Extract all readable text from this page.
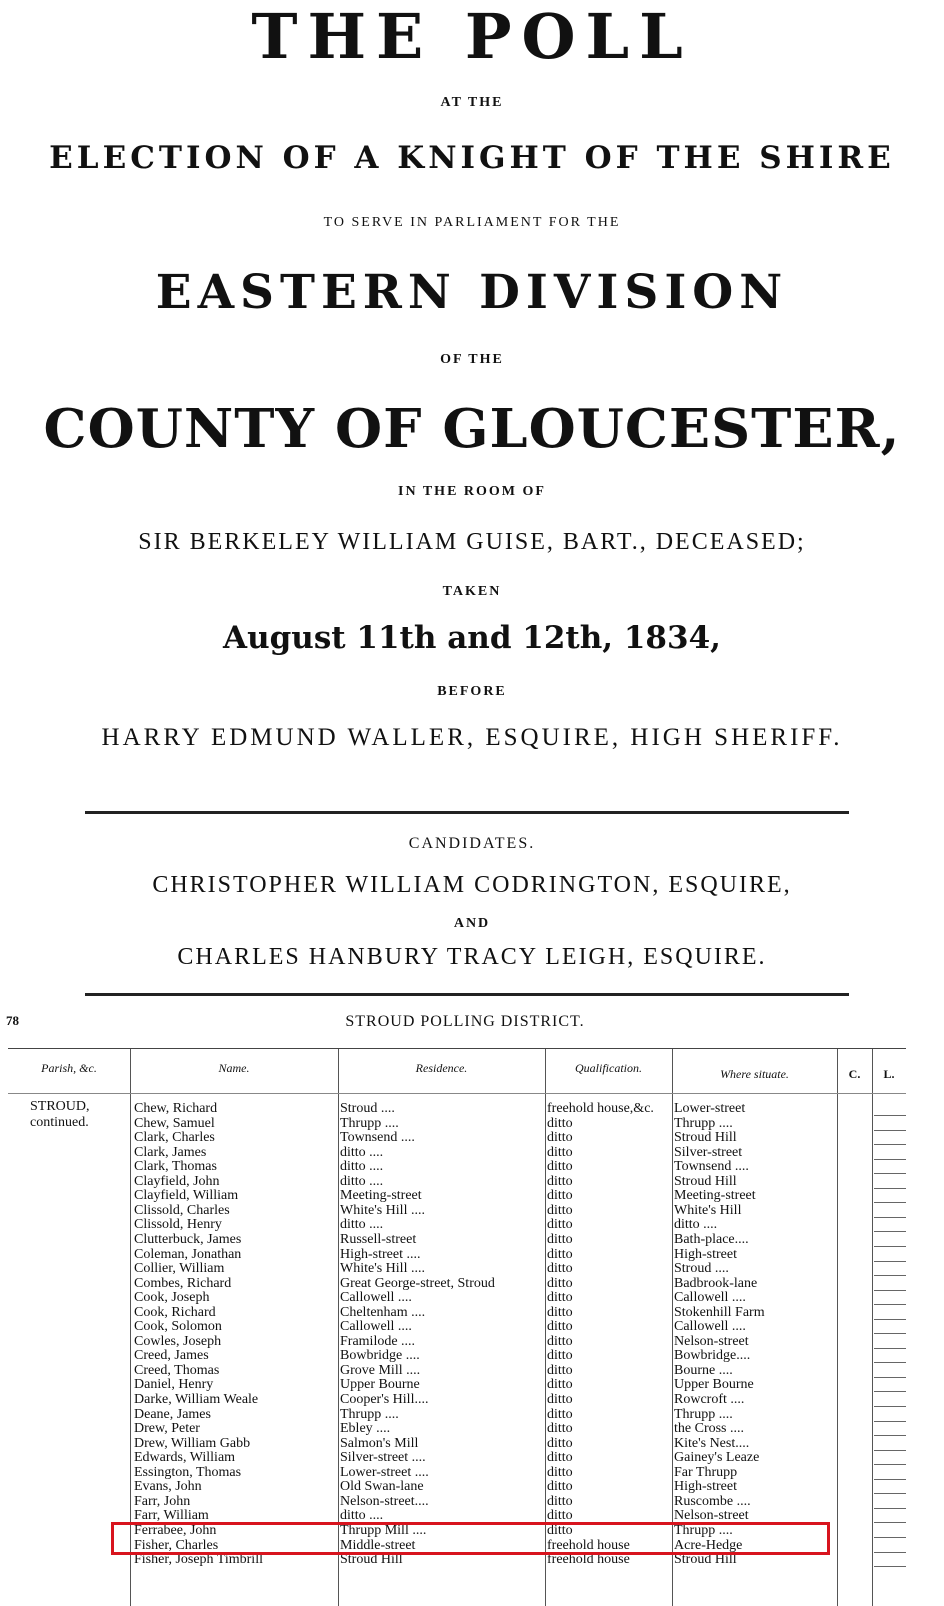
THE POLL
AT THE
ELECTION OF A KNIGHT OF THE SHIRE
TO SERVE IN PARLIAMENT FOR THE
EASTERN DIVISION
OF THE
COUNTY OF GLOUCESTER,
IN THE ROOM OF
SIR BERKELEY WILLIAM GUISE, BART., DECEASED;
TAKEN
August 11th and 12th, 1834,
BEFORE
HARRY EDMUND WALLER, ESQUIRE, HIGH SHERIFF.
CANDIDATES.
CHRISTOPHER WILLIAM CODRINGTON, ESQUIRE,
AND
CHARLES HANBURY TRACY LEIGH, ESQUIRE.
78	STROUD POLLING DISTRICT.
Parish, &c.	Name.	Residence.	Qualification.	Where situate.	C.	L.
STROUD,
continued.
Chew, Richard	Stroud ....	freehold house,&c.	Lower-street
Chew, Samuel	Thrupp ....	ditto	Thrupp ....
Clark, Charles	Townsend ....	ditto	Stroud Hill
Clark, James	ditto ....	ditto	Silver-street
Clark, Thomas	ditto ....	ditto	Townsend ....
Clayfield, John	ditto ....	ditto	Stroud Hill
Clayfield, William	Meeting-street	ditto	Meeting-street
Clissold, Charles	White's Hill ....	ditto	White's Hill
Clissold, Henry	ditto ....	ditto	ditto ....
Clutterbuck, James	Russell-street	ditto	Bath-place....
Coleman, Jonathan	High-street ....	ditto	High-street
Collier, William	White's Hill ....	ditto	Stroud ....
Combes, Richard	Great George-street, Stroud	ditto	Badbrook-lane
Cook, Joseph	Callowell ....	ditto	Callowell ....
Cook, Richard	Cheltenham ....	ditto	Stokenhill Farm
Cook, Solomon	Callowell ....	ditto	Callowell ....
Cowles, Joseph	Framilode ....	ditto	Nelson-street
Creed, James	Bowbridge ....	ditto	Bowbridge....
Creed, Thomas	Grove Mill ....	ditto	Bourne ....
Daniel, Henry	Upper Bourne	ditto	Upper Bourne
Darke, William Weale	Cooper's Hill....	ditto	Rowcroft ....
Deane, James	Thrupp ....	ditto	Thrupp ....
Drew, Peter	Ebley ....	ditto	the Cross ....
Drew, William Gabb	Salmon's Mill	ditto	Kite's Nest....
Edwards, William	Silver-street ....	ditto	Gainey's Leaze
Essington, Thomas	Lower-street ....	ditto	Far Thrupp
Evans, John	Old Swan-lane	ditto	High-street
Farr, John	Nelson-street....	ditto	Ruscombe ....
Farr, William	ditto ....	ditto	Nelson-street
Ferrabee, John	Thrupp Mill ....	ditto	Thrupp ....
Fisher, Charles	Middle-street	freehold house	Acre-Hedge
Fisher, Joseph Timbrill	Stroud Hill	freehold house	Stroud Hill
